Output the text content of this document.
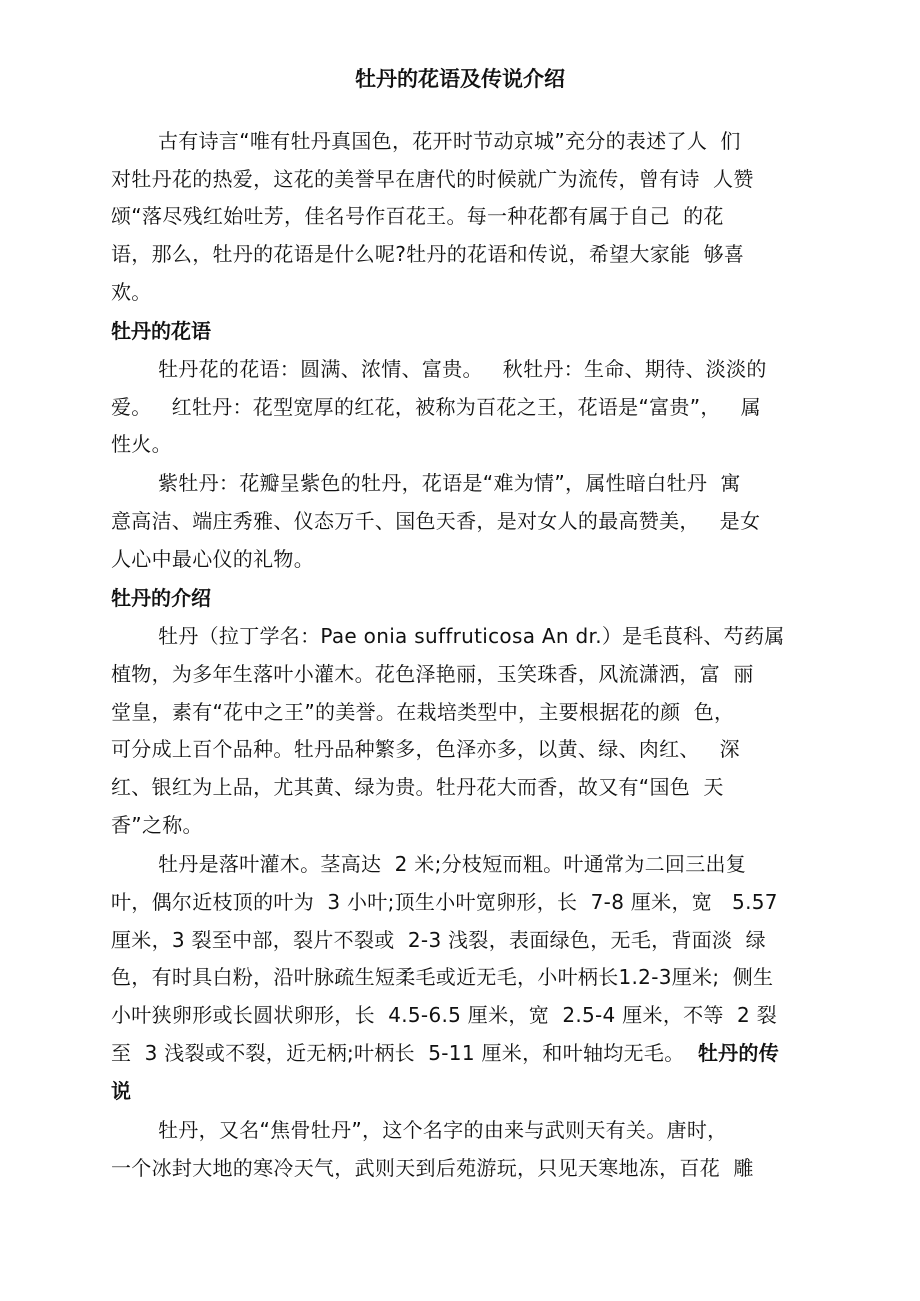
牡丹的花语及传说介绍
古有诗言“唯有牡丹真国色，花开时节动京城”充分的表述了人  们
对牡丹花的热爱，这花的美誉早在唐代的时候就广为流传，曾有诗  人赞
颂“落尽残红始吐芳，佳名号作百花王。每一种花都有属于自己  的花
语，那么，牡丹的花语是什么呢?牡丹的花语和传说，希望大家能  够喜
欢。
牡丹的花语
牡丹花的花语：圆满、浓情、富贵。   秋牡丹：生命、期待、淡淡的
爱。   红牡丹：花型宽厚的红花，被称为百花之王，花语是“富贵”，   属
性火。
紫牡丹：花瓣呈紫色的牡丹，花语是“难为情”，属性暗白牡丹  寓
意高洁、端庄秀雅、仪态万千、国色天香，是对女人的最高赞美，   是女
人心中最心仪的礼物。
牡丹的介绍
牡丹（拉丁学名：Pae onia suffruticosa An dr.）是毛茛科、芍药属
植物，为多年生落叶小灌木。花色泽艳丽，玉笑珠香，风流潇洒，富  丽
堂皇，素有“花中之王”的美誉。在栽培类型中，主要根据花的颜  色，
可分成上百个品种。牡丹品种繁多，色泽亦多，以黄、绿、肉红、   深
红、银红为上品，尤其黄、绿为贵。牡丹花大而香，故又有“国色  天
香”之称。
牡丹是落叶灌木。茎高达  2 米;分枝短而粗。叶通常为二回三出复
叶，偶尔近枝顶的叶为  3 小叶;顶生小叶宽卵形，长  7-8 厘米，宽   5.57
厘米，3 裂至中部，裂片不裂或  2-3 浅裂，表面绿色，无毛，背面淡  绿
色，有时具白粉，沿叶脉疏生短柔毛或近无毛，小叶柄长1.2-3厘米;  侧生
小叶狭卵形或长圆状卵形，长  4.5-6.5 厘米，宽  2.5-4 厘米，不等  2 裂
至  3 浅裂或不裂，近无柄;叶柄长  5-11 厘米，和叶轴均无毛。 牡丹的传
说
牡丹，又名“焦骨牡丹”，这个名字的由来与武则天有关。唐时，
一个冰封大地的寒冷天气，武则天到后苑游玩，只见天寒地冻，百花  雕
